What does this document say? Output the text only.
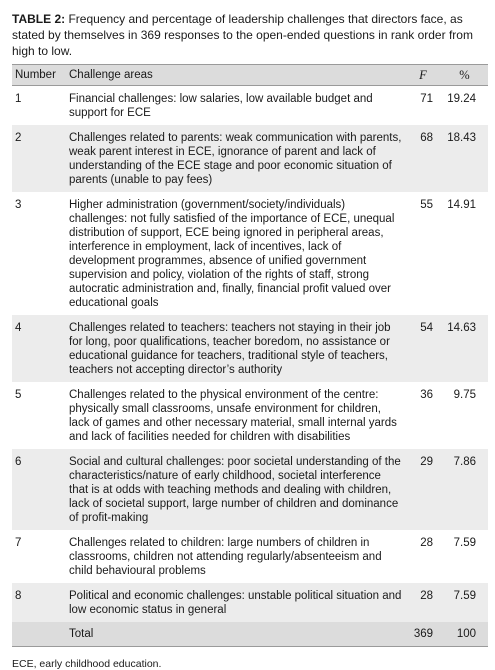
TABLE 2: Frequency and percentage of leadership challenges that directors face, as stated by themselves in 369 responses to the open-ended questions in rank order from high to low.

Number	Challenge areas	F	%
1	Financial challenges: low salaries, low available budget and support for ECE	71	19.24
2	Challenges related to parents: weak communication with parents, weak parent interest in ECE, ignorance of parent and lack of understanding of the ECE stage and poor economic situation of parents (unable to pay fees)	68	18.43
3	Higher administration (government/society/individuals) challenges: not fully satisfied of the importance of ECE, unequal distribution of support, ECE being ignored in peripheral areas, interference in employment, lack of incentives, lack of development programmes, absence of unified government supervision and policy, violation of the rights of staff, strong autocratic administration and, finally, financial profit valued over educational goals	55	14.91
4	Challenges related to teachers: teachers not staying in their job for long, poor qualifications, teacher boredom, no assistance or educational guidance for teachers, traditional style of teachers, teachers not accepting director’s authority	54	14.63
5	Challenges related to the physical environment of the centre: physically small classrooms, unsafe environment for children, lack of games and other necessary material, small internal yards and lack of facilities needed for children with disabilities	36	9.75
6	Social and cultural challenges: poor societal understanding of the characteristics/nature of early childhood, societal interference that is at odds with teaching methods and dealing with children, lack of societal support, large number of children and dominance of profit-making	29	7.86
7	Challenges related to children: large numbers of children in classrooms, children not attending regularly/absenteeism and child behavioural problems	28	7.59
8	Political and economic challenges: unstable political situation and low economic status in general	28	7.59
	Total	369	100
ECE, early childhood education.
